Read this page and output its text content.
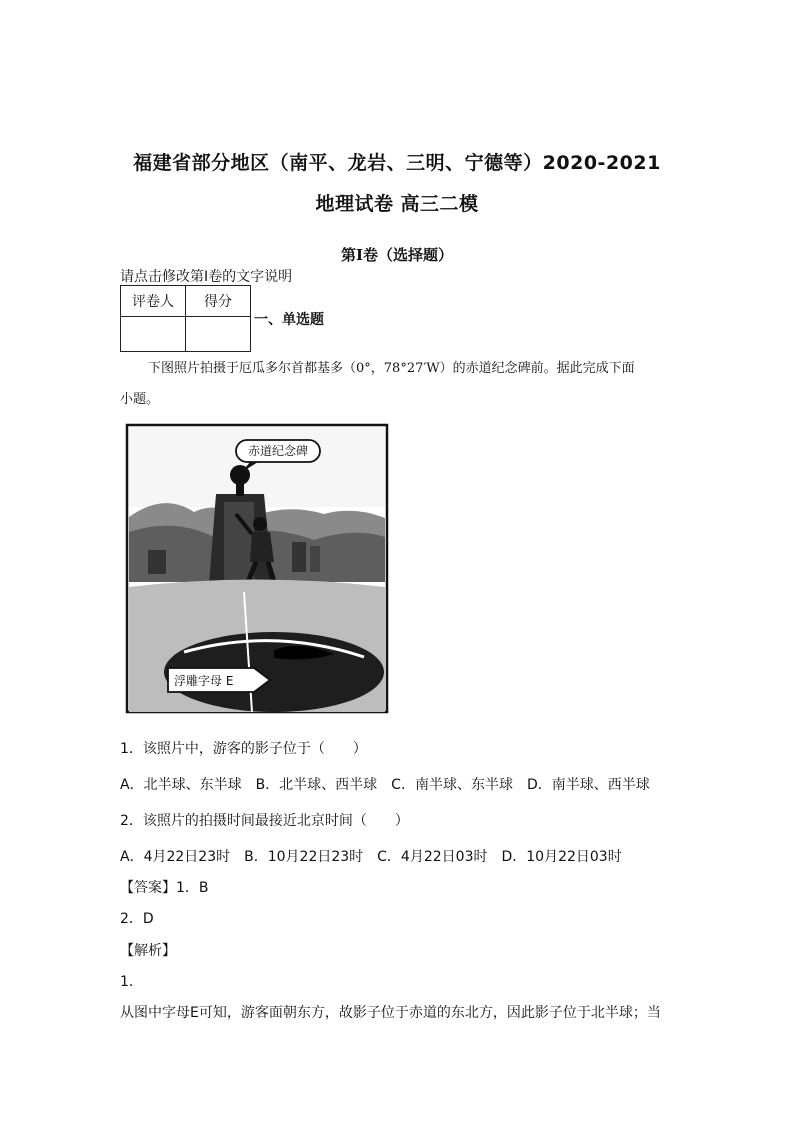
福建省部分地区（南平、龙岩、三明、宁德等）2020-2021
地理试卷 高三二模
第I卷（选择题）
请点击修改第I卷的文字说明
评卷人	得分

一、单选题
下图照片拍摄于厄瓜多尔首都基多（0°，78°27′W）的赤道纪念碑前。据此完成下面
小题。
赤道纪念碑
浮雕字母 E
1．该照片中，游客的影子位于（　　）
A．北半球、东半球　B．北半球、西半球　C．南半球、东半球　D．南半球、西半球
2．该照片的拍摄时间最接近北京时间（　　）
A．4月22日23时　B．10月22日23时　C．4月22日03时　D．10月22日03时
【答案】1．B
2．D
【解析】
1．
从图中字母E可知，游客面朝东方，故影子位于赤道的东北方，因此影子位于北半球；当
